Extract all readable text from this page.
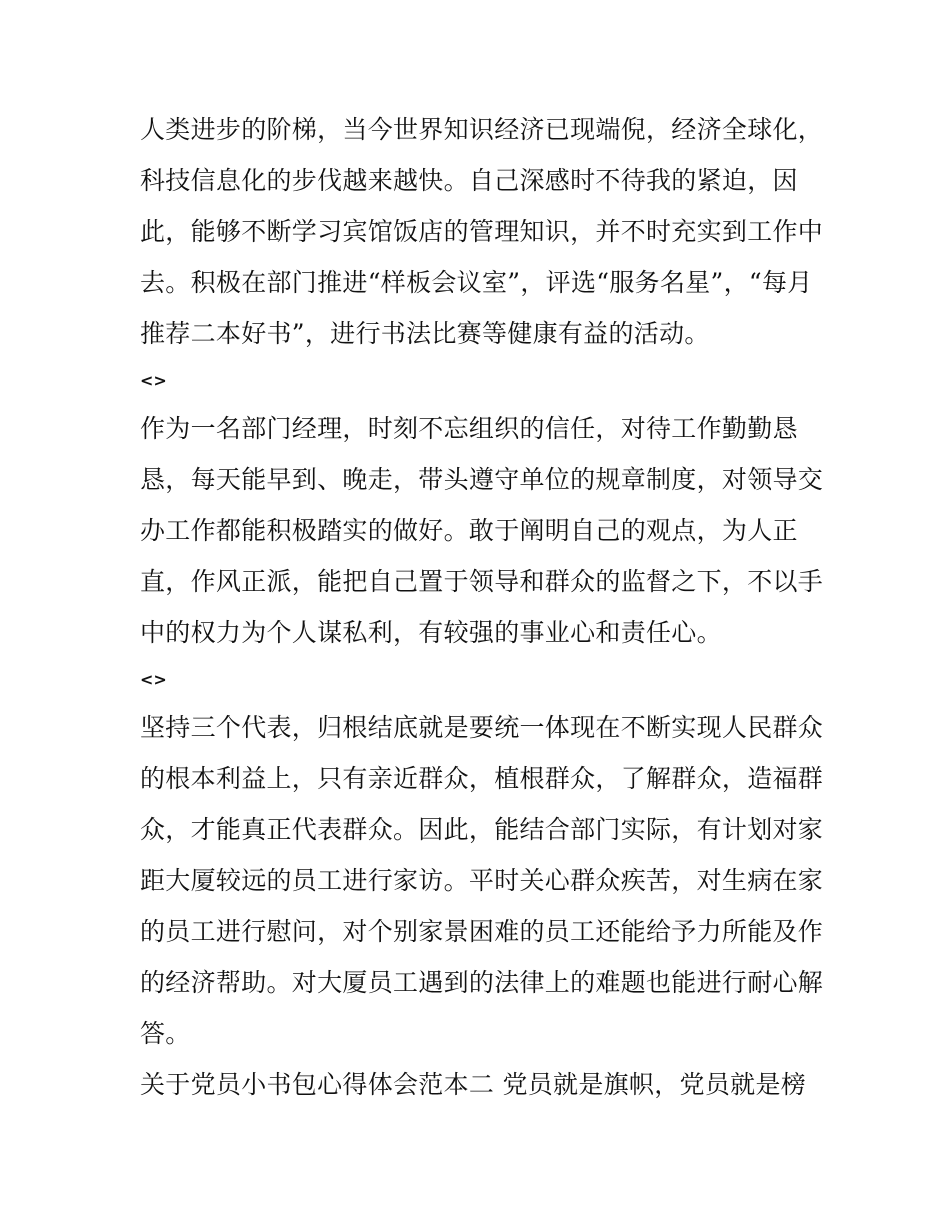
人类进步的阶梯，当今世界知识经济已现端倪，经济全球化，
科技信息化的步伐越来越快。自己深感时不待我的紧迫，因
此，能够不断学习宾馆饭店的管理知识，并不时充实到工作中
去。积极在部门推进“样板会议室”，评选“服务名星”，“每月
推荐二本好书”，进行书法比赛等健康有益的活动。
<>
作为一名部门经理，时刻不忘组织的信任，对待工作勤勤恳
恳，每天能早到、晚走，带头遵守单位的规章制度，对领导交
办工作都能积极踏实的做好。敢于阐明自己的观点，为人正
直，作风正派，能把自己置于领导和群众的监督之下，不以手
中的权力为个人谋私利，有较强的事业心和责任心。
<>
坚持三个代表，归根结底就是要统一体现在不断实现人民群众
的根本利益上，只有亲近群众，植根群众，了解群众，造福群
众，才能真正代表群众。因此，能结合部门实际，有计划对家
距大厦较远的员工进行家访。平时关心群众疾苦，对生病在家
的员工进行慰问，对个别家景困难的员工还能给予力所能及作
的经济帮助。对大厦员工遇到的法律上的难题也能进行耐心解
答。
关于党员小书包心得体会范本二 党员就是旗帜，党员就是榜
